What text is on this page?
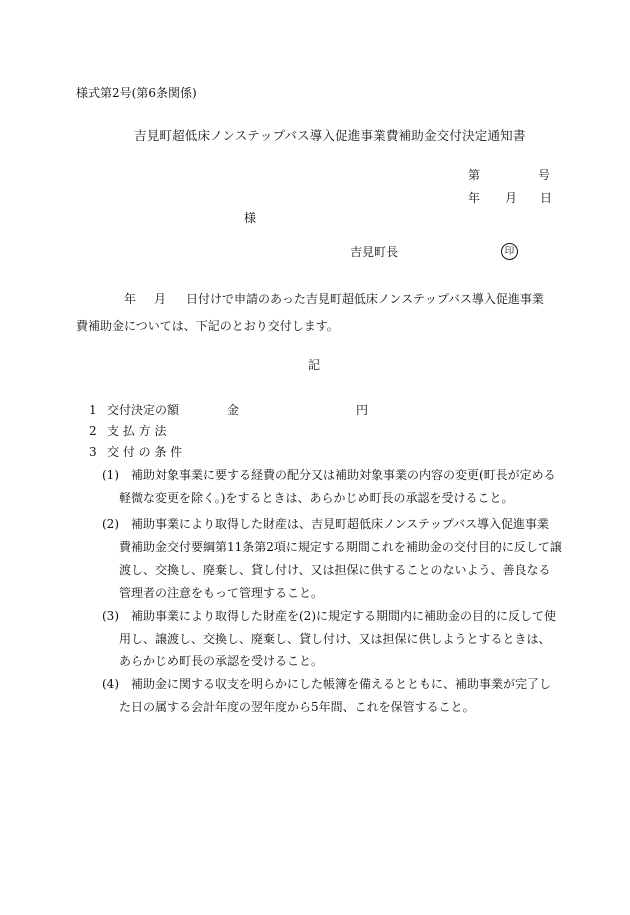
様式第2号(第6条関係)
吉見町超低床ノンステップバス導入促進事業費補助金交付決定通知書
第	号
年 月 日
様
吉見町長	印
年 月 日付けで申請のあった吉見町超低床ノンステップバス導入促進事業
費補助金については、下記のとおり交付します。
記
1 交付決定の額	金	円
2 支 払 方 法
3 交 付 の 条 件
(1) 補助対象事業に要する経費の配分又は補助対象事業の内容の変更(町長が定める
軽微な変更を除く。)をするときは、あらかじめ町長の承認を受けること。
(2) 補助事業により取得した財産は、吉見町超低床ノンステップバス導入促進事業
費補助金交付要綱第11条第2項に規定する期間これを補助金の交付目的に反して譲
渡し、交換し、廃棄し、貸し付け、又は担保に供することのないよう、善良なる
管理者の注意をもって管理すること。
(3) 補助事業により取得した財産を(2)に規定する期間内に補助金の目的に反して使
用し、譲渡し、交換し、廃棄し、貸し付け、又は担保に供しようとするときは、
あらかじめ町長の承認を受けること。
(4) 補助金に関する収支を明らかにした帳簿を備えるとともに、補助事業が完了し
た日の属する会計年度の翌年度から5年間、これを保管すること。
